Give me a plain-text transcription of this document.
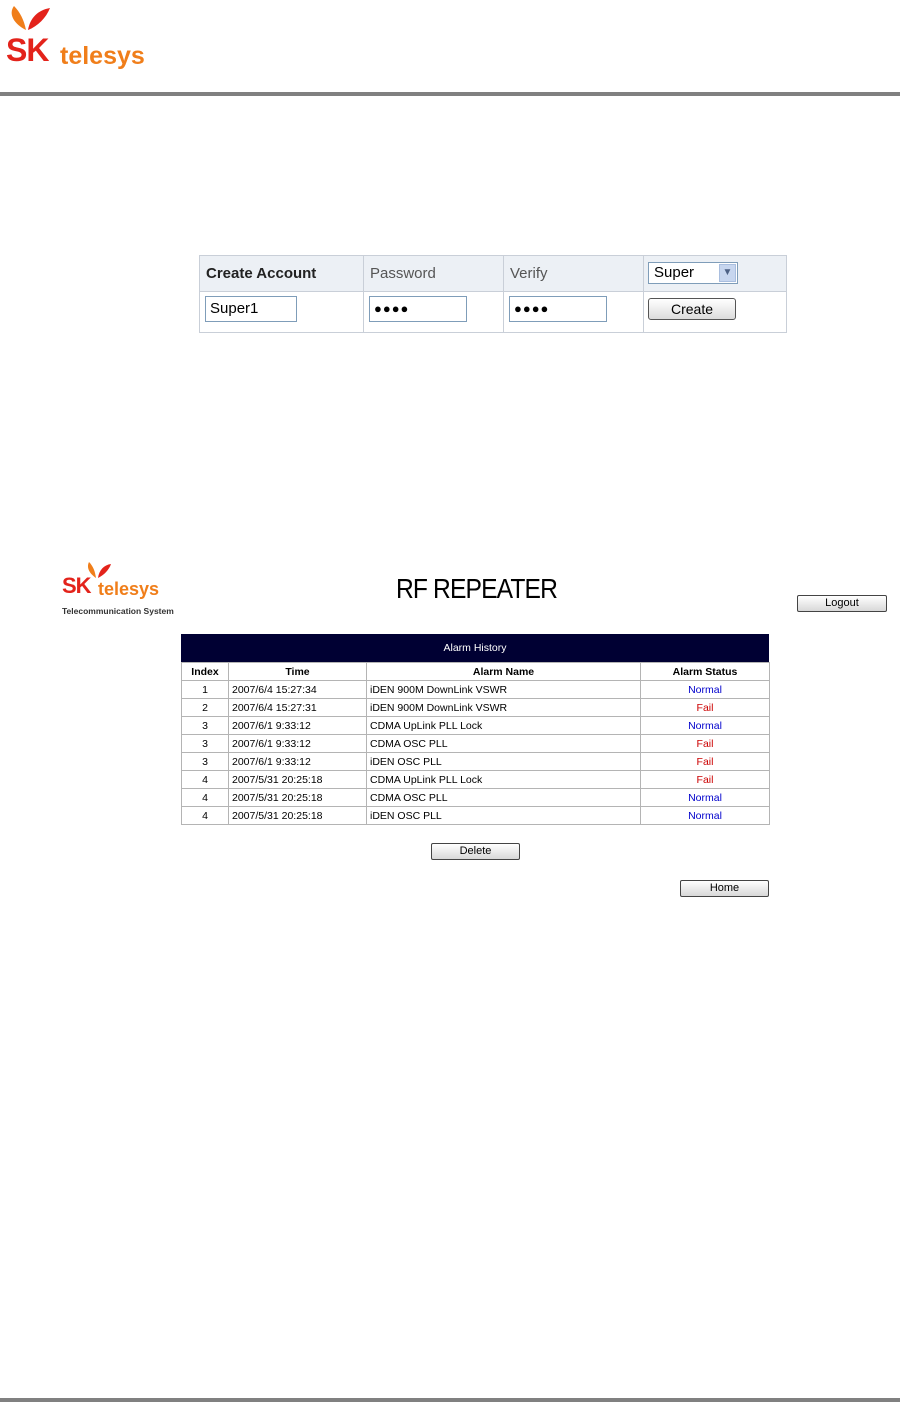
SK telesys
Create Account	Password	Verify	Super	▼
Super1	●●●●	●●●●	Create
SK telesys
Telecommunication System
RF REPEATER	Logout
Alarm History
Index	Time	Alarm Name	Alarm Status
1	2007/6/4 15:27:34	iDEN 900M DownLink VSWR	Normal
2	2007/6/4 15:27:31	iDEN 900M DownLink VSWR	Fail
3	2007/6/1 9:33:12	CDMA UpLink PLL Lock	Normal
3	2007/6/1 9:33:12	CDMA OSC PLL	Fail
3	2007/6/1 9:33:12	iDEN OSC PLL	Fail
4	2007/5/31 20:25:18	CDMA UpLink PLL Lock	Fail
4	2007/5/31 20:25:18	CDMA OSC PLL	Normal
4	2007/5/31 20:25:18	iDEN OSC PLL	Normal
Delete
Home
